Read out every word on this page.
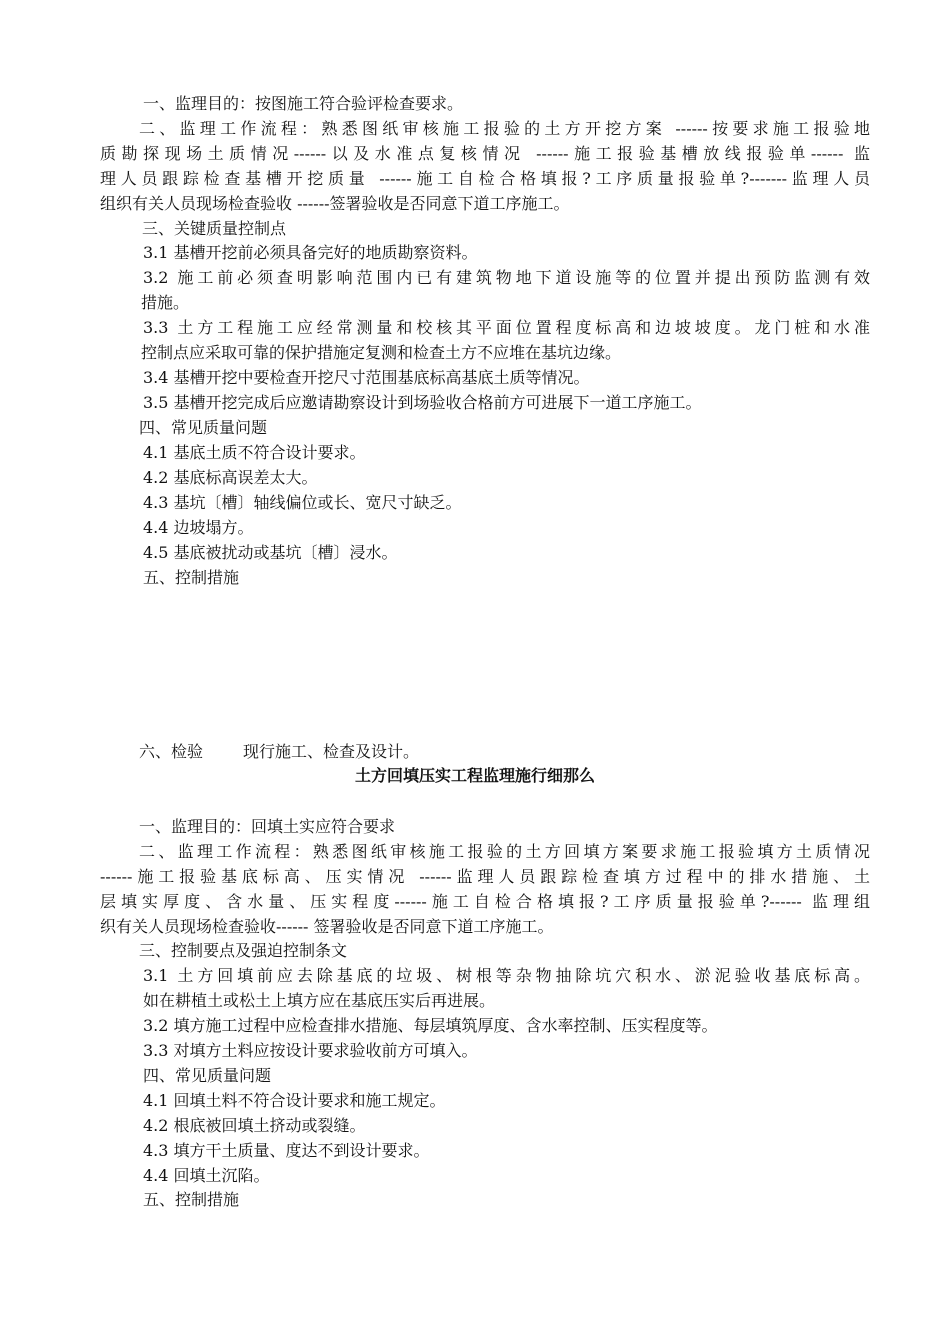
一、监理目的：按图施工符合验评检查要求。
二、监理工作流程：熟悉图纸审核施工报验的土方开挖方案 ------按要求施工报验地
质勘探现场土质情况------以及水准点复核情况 ------施工报验基槽放线报验单------ 监
理人员跟踪检查基槽开挖质量 ------施工自检合格填报?工序质量报验单?-------监理人员
组织有关人员现场检查验收 ------签署验收是否同意下道工序施工。
三、关键质量控制点
3.1 基槽开挖前必须具备完好的地质勘察资料。
3.2 施工前必须查明影响范围内已有建筑物地下道设施等的位置并提出预防监测有效
措施。
3.3 土方工程施工应经常测量和校核其平面位置程度标高和边坡坡度。龙门桩和水准
控制点应采取可靠的保护措施定复测和检查土方不应堆在基坑边缘。
3.4 基槽开挖中要检查开挖尺寸范围基底标高基底土质等情况。
3.5 基槽开挖完成后应邀请勘察设计到场验收合格前方可进展下一道工序施工。
四、常见质量问题
4.1 基底土质不符合设计要求。
4.2 基底标高误差太大。
4.3 基坑〔槽〕轴线偏位或长、宽尺寸缺乏。
4.4 边坡塌方。
4.5 基底被扰动或基坑〔槽〕浸水。
五、控制措施
六、检验	现行施工、检查及设计。
土方回填压实工程监理施行细那么
一、监理目的：回填土实应符合要求
二、监理工作流程：熟悉图纸审核施工报验的土方回填方案要求施工报验填方土质情况
------施工报验基底标高、压实情况 ------监理人员跟踪检查填方过程中的排水措施、土
层填实厚度、含水量、压实程度------施工自检合格填报?工序质量报验单?------ 监理组
织有关人员现场检查验收------ 签署验收是否同意下道工序施工。
三、控制要点及强迫控制条文
3.1 土方回填前应去除基底的垃圾、树根等杂物抽除坑穴积水、淤泥验收基底标高。
如在耕植土或松土上填方应在基底压实后再进展。
3.2 填方施工过程中应检查排水措施、每层填筑厚度、含水率控制、压实程度等。
3.3 对填方土料应按设计要求验收前方可填入。
四、常见质量问题
4.1 回填土料不符合设计要求和施工规定。
4.2 根底被回填土挤动或裂缝。
4.3 填方干土质量、度达不到设计要求。
4.4 回填土沉陷。
五、控制措施
